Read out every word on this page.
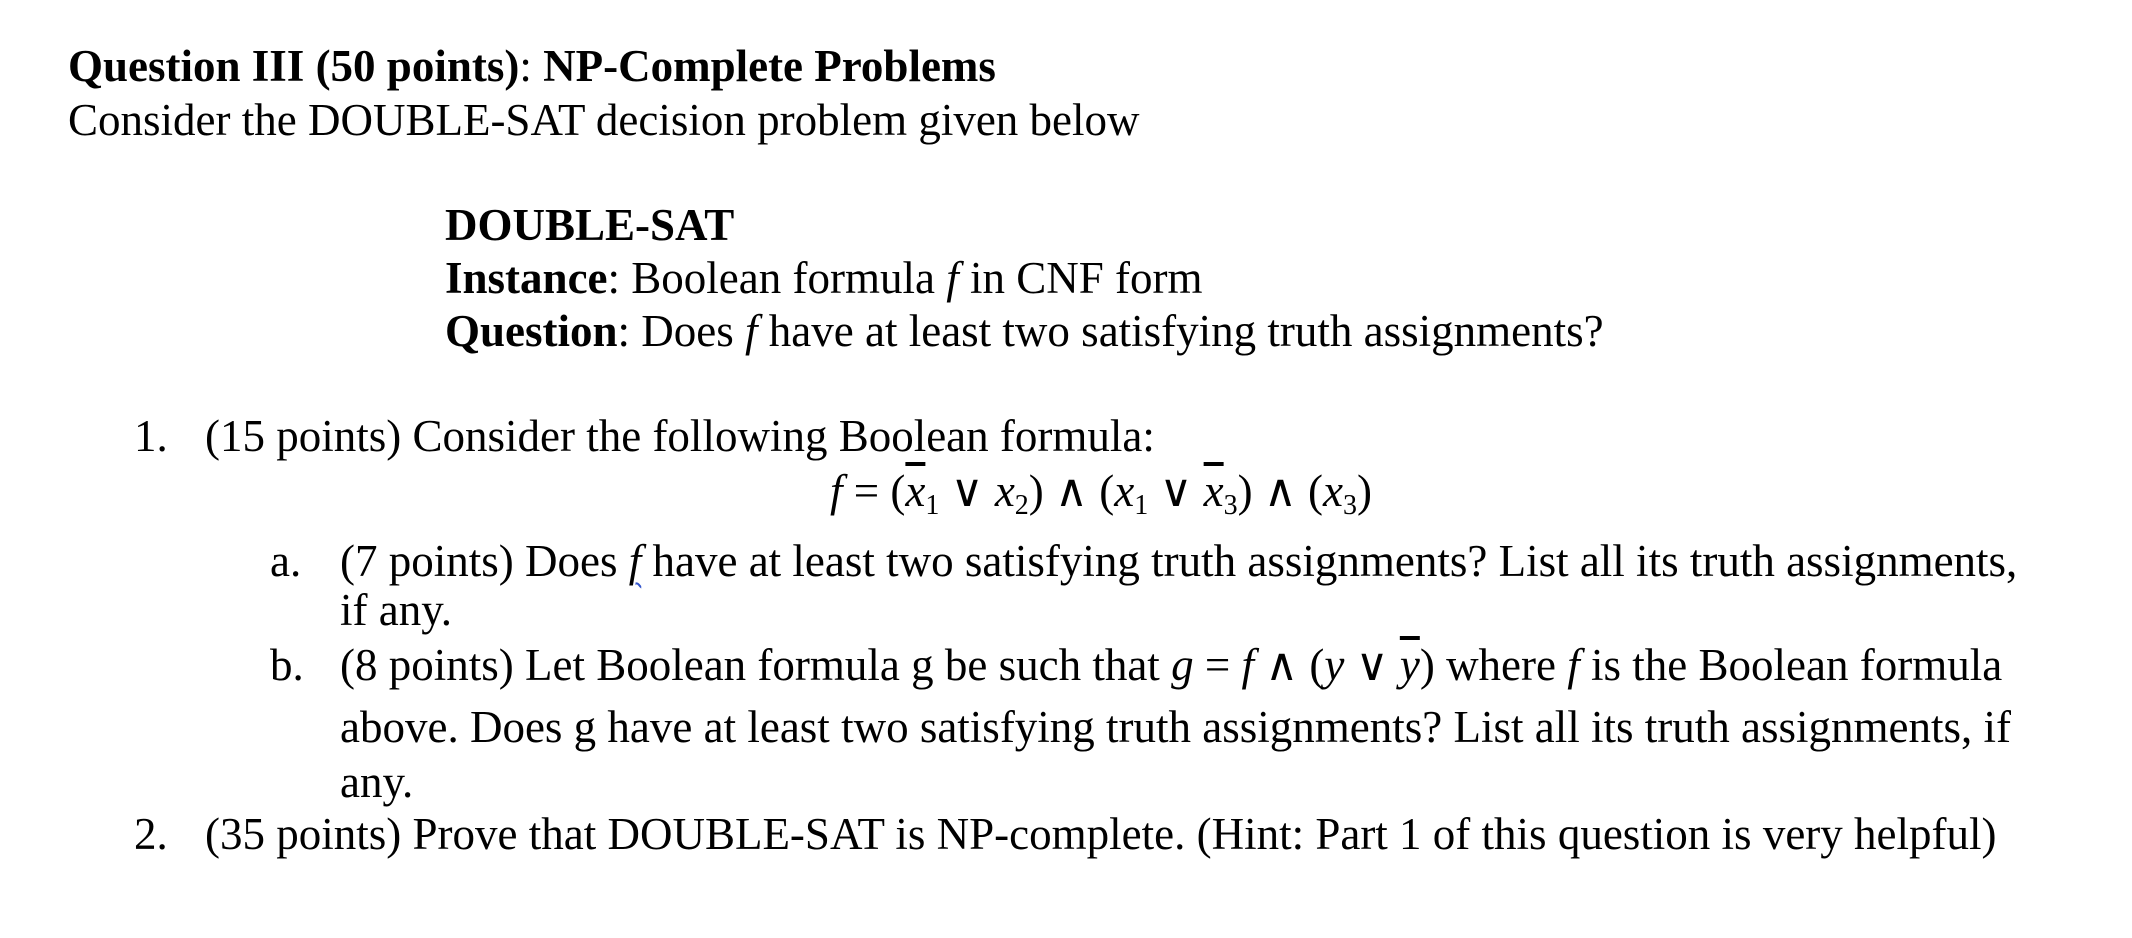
Question III (50 points): NP-Complete Problems
Consider the DOUBLE-SAT decision problem given below
DOUBLE-SAT
Instance: Boolean formula f in CNF form
Question: Does f have at least two satisfying truth assignments?
1. (15 points) Consider the following Boolean formula:
$f = (\overline{x}_1$ ∨ $x_2$) ∧ ($x_1$ ∨ $\overline{x}_3$) ∧ $(x_3)$
a. (7 points) Does f have at least two satisfying truth assignments? List all its truth assignments,
if any.
b. (8 points) Let Boolean formula g be such that g = f ∧ (y ∨ $\overline{y}$) where f is the Boolean formula
above. Does g have at least two satisfying truth assignments? List all its truth assignments, if
any.
2. (35 points) Prove that DOUBLE-SAT is NP-complete. (Hint: Part 1 of this question is very helpful)
